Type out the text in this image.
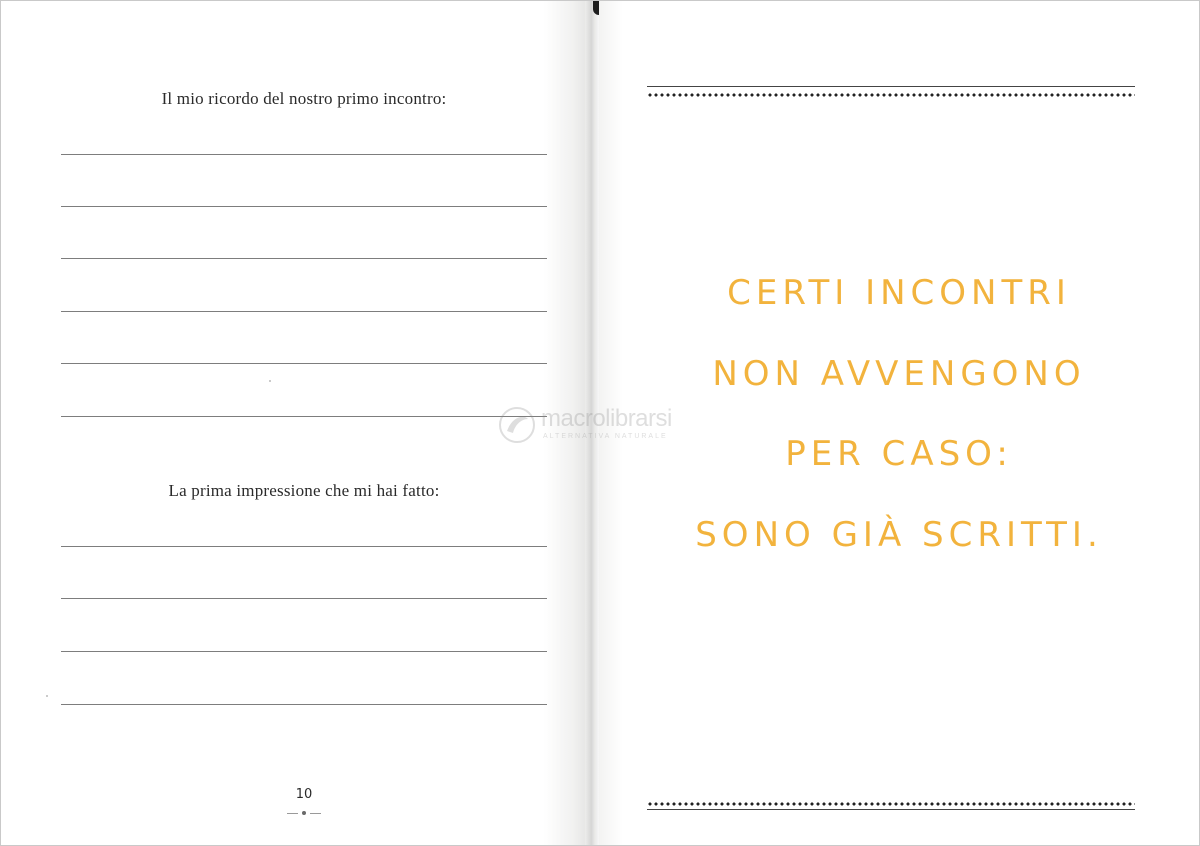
Il mio ricordo del nostro primo incontro:
La prima impressione che mi hai fatto:
10
CERTI INCONTRI
NON AVVENGONO
PER CASO:
SONO GIÀ SCRITTI.
macrolibrarsi
ALTERNATIVA NATURALE
